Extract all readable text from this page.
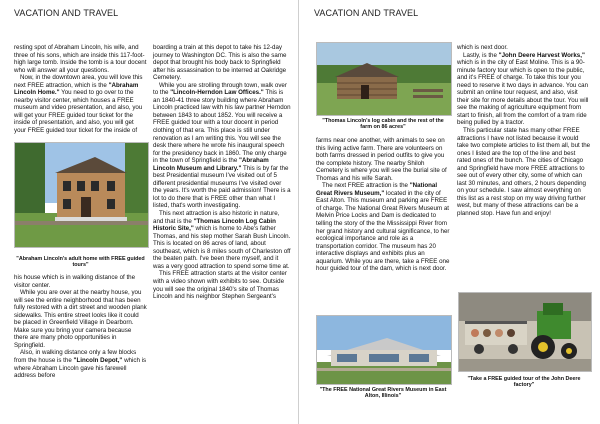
VACATION AND TRAVEL

resting spot of Abraham Lincoln, his wife, and three of his sons, which are inside this 117-foot-high large tomb. Inside the tomb is a tour docent who will answer all your questions.

Now, in the downtown area, you will love this next FREE attraction, which is the "Abraham Lincoln Home." You need to go over to the nearby visitor center, which houses a FREE museum and video presentation, and also, you will get your FREE guided tour ticket for the inside of presentation, and also, you will get your FREE guided tour ticket for the inside of

"Abraham Lincoln's adult home with FREE guided tours"

his house which is in walking distance of the visitor center.

While you are over at the nearby house, you will see the entire neighborhood that has been fully restored with a dirt street and wooden plank sidewalks. This entire street looks like it could be placed in Greenfield Village in Dearborn. Make sure you bring your camera because there are many photo opportunities in Springfield.

Also, in walking distance only a few blocks from the house is the "Lincoln Depot," which is where Abraham Lincoln gave his farewell address before

boarding a train at this depot to take his 12-day journey to Washington DC. This is also the same depot that brought his body back to Springfield after his assassination to be interred at Oakridge Cemetery.

While you are strolling through town, walk over to the "Lincoln-Herndon Law Offices." This is an 1840-41 three story building where Abraham Lincoln practiced law with his law partner Herndon between 1843 to about 1852. You will receive a FREE guided tour with a tour docent in period clothing of that era. This place is still under renovation as I am writing this. You will see the desk there where he wrote his inaugural speech for the presidency back in 1860. The only charge in the town of Springfield is the "Abraham Lincoln Museum and Library." This is by far the best Presidential museum I've visited out of 5 different presidential museums I've visited over the years. It's worth the paid admission! There is a lot to do there that is FREE other than what I listed, that's worth investigating.

This next attraction is also historic in nature, and that is the "Thomas Lincoln Log Cabin Historic Site," which is home to Abe's father Thomas, and his step mother Sarah Bush Lincoln. This is located on 86 acres of land, about southeast, which is 8 miles south of Charleston off the beaten path. I've been there myself, and it was a very good attraction to spend some time at.

This FREE attraction starts at the visitor center with a video shown with exhibits to see. Outside you will see the original 1840's site of Thomas Lincoln and his neighbor Stephen Sergeant's

VACATION AND TRAVEL
"Thomas Lincoln's log cabin and the rest of the farm on 86 acres"

farms near one another, with animals to see on this living active farm. There are volunteers on both farms dressed in period outfits to give you the complete history. The nearby Shiloh Cemetery is where you will see the burial site of Thomas and his wife Sarah.

The next FREE attraction is the "National Great Rivers Museum," located in the city of East Alton. This museum and parking are FREE of charge. The National Great Rivers Museum at Melvin Price Locks and Dam is dedicated to telling the story of the the Mississippi River from her grand history and cultural significance, to her ecological importance and role as a transportation corridor. The museum has 20 interactive displays and exhibits plus an aquarium. While you are there, take a FREE one hour guided tour of the dam, which is next door.

"The FREE National Great Rivers Museum in East Alton, Illinois"

which is next door.

Lastly, is the "John Deere Harvest Works," which is in the city of East Moline. This is a 90-minute factory tour which is open to the public, and it's FREE of charge. To take this tour you need to reserve it two days in advance. You can submit an online tour request, and also, visit their site for more details about the tour. You will see the making of agriculture equipment from start to finish, all from the comfort of a tram ride being pulled by a tractor.

This particular state has many other FREE attractions I have not listed because it would take two complete articles to list them all, but the ones I listed are the top of the line and best rated ones of the bunch. The cities of Chicago and Springfield have more FREE attractions to see out of every other city, some of which can last 30 minutes, and others, 2 hours depending on your schedule. I saw almost everything on this list as a rest stop on my way driving further west, but many of these attractions can be a planned stop. Have fun and enjoy!

"Take a FREE guided tour of the John Deere factory"
